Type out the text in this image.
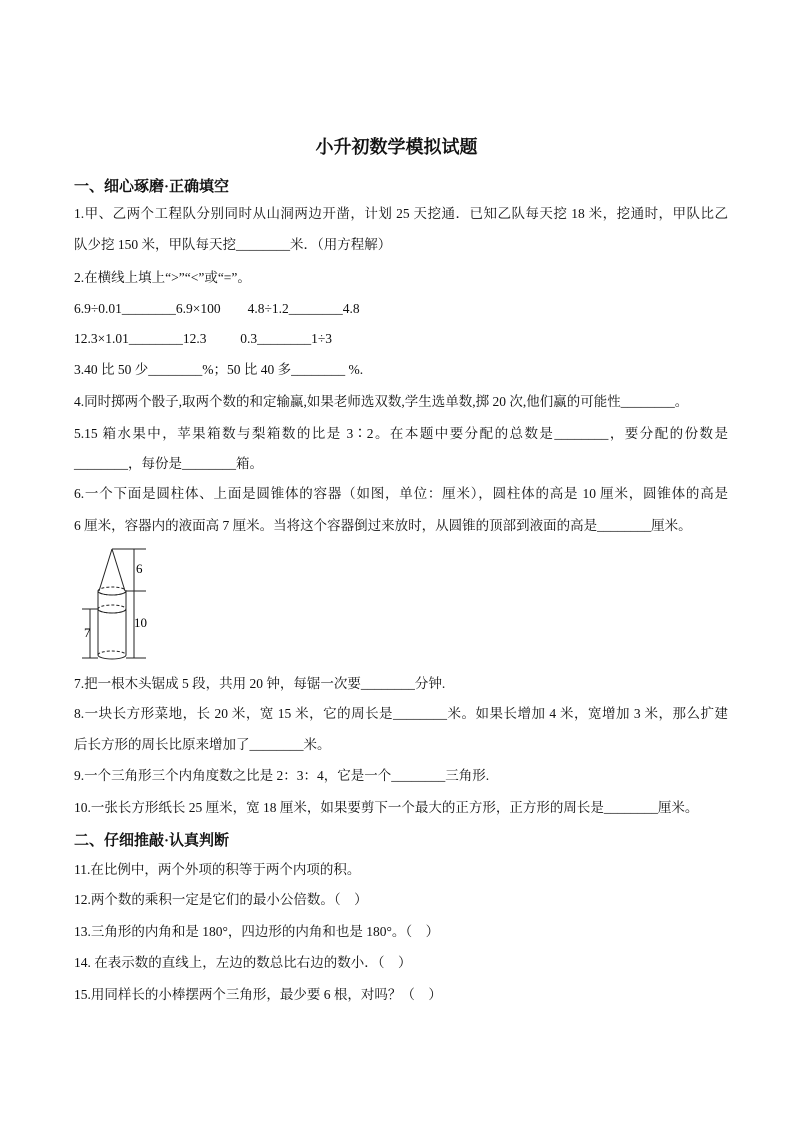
小升初数学模拟试题
一、细心琢磨·正确填空
1.甲、乙两个工程队分别同时从山洞两边开凿，计划 25 天挖通．已知乙队每天挖 18 米，挖通时，甲队比乙
队少挖 150 米，甲队每天挖________米．（用方程解）
2.在横线上填上“>”“<”或“=”。
6.9÷0.01________6.9×100        4.8÷1.2________4.8
12.3×1.01________12.3          0.3________1÷3
3.40 比 50 少________%；50 比 40 多________ %.
4.同时掷两个骰子,取两个数的和定输赢,如果老师选双数,学生选单数,掷 20 次,他们赢的可能性________。
5.15 箱水果中，苹果箱数与梨箱数的比是 3∶2。在本题中要分配的总数是________，要分配的份数是
________，每份是________箱。
6.一个下面是圆柱体、上面是圆锥体的容器（如图，单位：厘米），圆柱体的高是 10 厘米，圆锥体的高是
6 厘米，容器内的液面高 7 厘米。当将这个容器倒过来放时，从圆锥的顶部到液面的高是________厘米。
6
10
7
7.把一根木头锯成 5 段，共用 20 钟，每锯一次要________分钟.
8.一块长方形菜地，长 20 米，宽 15 米，它的周长是________米。如果长增加 4 米，宽增加 3 米，那么扩建
后长方形的周长比原来增加了________米。
9.一个三角形三个内角度数之比是 2：3：4，它是一个________三角形.
10.一张长方形纸长 25 厘米，宽 18 厘米，如果要剪下一个最大的正方形，正方形的周长是________厘米。
二、仔细推敲·认真判断
11.在比例中，两个外项的积等于两个内项的积。
12.两个数的乘积一定是它们的最小公倍数。（    ）
13.三角形的内角和是 180°，四边形的内角和也是 180°。（    ）
14. 在表示数的直线上，左边的数总比右边的数小．（    ）
15.用同样长的小棒摆两个三角形，最少要 6 根，对吗？（    ）
